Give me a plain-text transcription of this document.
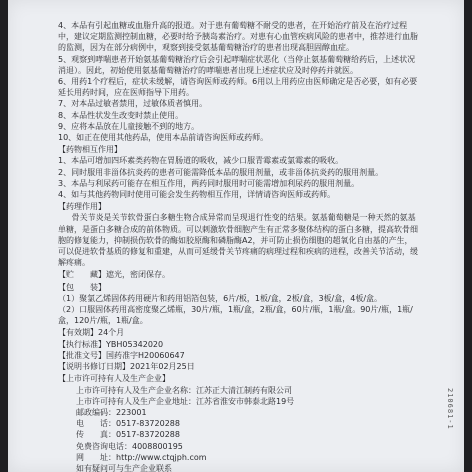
4、本品有引起血糖或血脂升高的报道。对于患有葡萄糖不耐受的患者，在开始治疗前及在治疗过程中，建议定期监测控制血糖，必要时给予胰岛素治疗。对患有心血管疾病风险的患者中，推荐进行血脂的监测，因为在部分病例中，观察到接受氨基葡萄糖治疗的患者出现高胆固醇血症。

5、观察到哮喘患者开始氨基葡萄糖治疗后会引起哮喘症状恶化（当停止氨基葡萄糖给药后，上述状况消退）。因此，初始使用氨基葡萄糖治疗的哮喘患者出现上述症状应及时停药并就医。

6、用药1个疗程后，症状未缓解，请咨询医师或药师。6用以上用药应由医师确定是否必要，如有必要延长用药时间，应在医师指导下用药。

7、对本品过敏者禁用，过敏体质者慎用。

8、本品性状发生改变时禁止使用。

9、应将本品放在儿童接触不到的地方。

10、如正在使用其他药品，使用本品前请咨询医师或药师。

【药物相互作用】

1、本品可增加四环素类药物在胃肠道的吸收，减少口服青霉素或氯霉素的吸收。

2、同时服用非甾体抗炎药的患者可能需降低本品的服用剂量，或非甾体抗炎药的服用剂量。

3、本品与利尿药可能存在相互作用，两药同时服用时可能需增加利尿药的服用剂量。

4、如与其他药物同时使用可能会发生药物相互作用，详情请咨询医师或药师。

【药理作用】

骨关节炎是关节软骨蛋白多糖生物合成异常而呈现退行性变的结果。氨基葡萄糖是一种天然的氨基单糖，是蛋白多糖合成的前体物质。可以刺激软骨细胞产生有正常多聚体结构的蛋白多糖，提高软骨细胞的修复能力，抑制损伤软骨的酶如胶原酶和磷脂酶A2，并可防止损伤细胞的超氧化自由基的产生，可以促进软骨基质的修复和重建，从而可延缓骨关节疼痛的病理过程和疾病的进程，改善关节活动，缓解疼痛。

【贮　　藏】遮光，密闭保存。
【包　　装】

（1）聚氯乙烯固体药用硬片和药用铝箔包装，6片/板，1板/盒，2板/盒，3板/盒，4板/盒。

（2）口服固体药用高密度聚乙烯瓶，30片/瓶，1瓶/盒，2瓶/盒，60片/瓶，1瓶/盒。90片/瓶，1瓶/盒，120片/瓶，1瓶/盒。

【有效期】24个月
【执行标准】YBH05342020
【批准文号】国药准字H20060647
【说明书修订日期】2021年02月25日
【上市许可持有人及生产企业】
上市许可持有人及生产企业名称：江苏正大清江制药有限公司
上市许可持有人及生产企业地址：江苏省淮安市韩泰北路19号
邮政编码：223001
电　　话：0517-83720288
传　　真：0517-83720288
免费咨询电话：4008800195
网　　址：http://www.ctqjph.com
如有疑问可与生产企业联系
210681-1
